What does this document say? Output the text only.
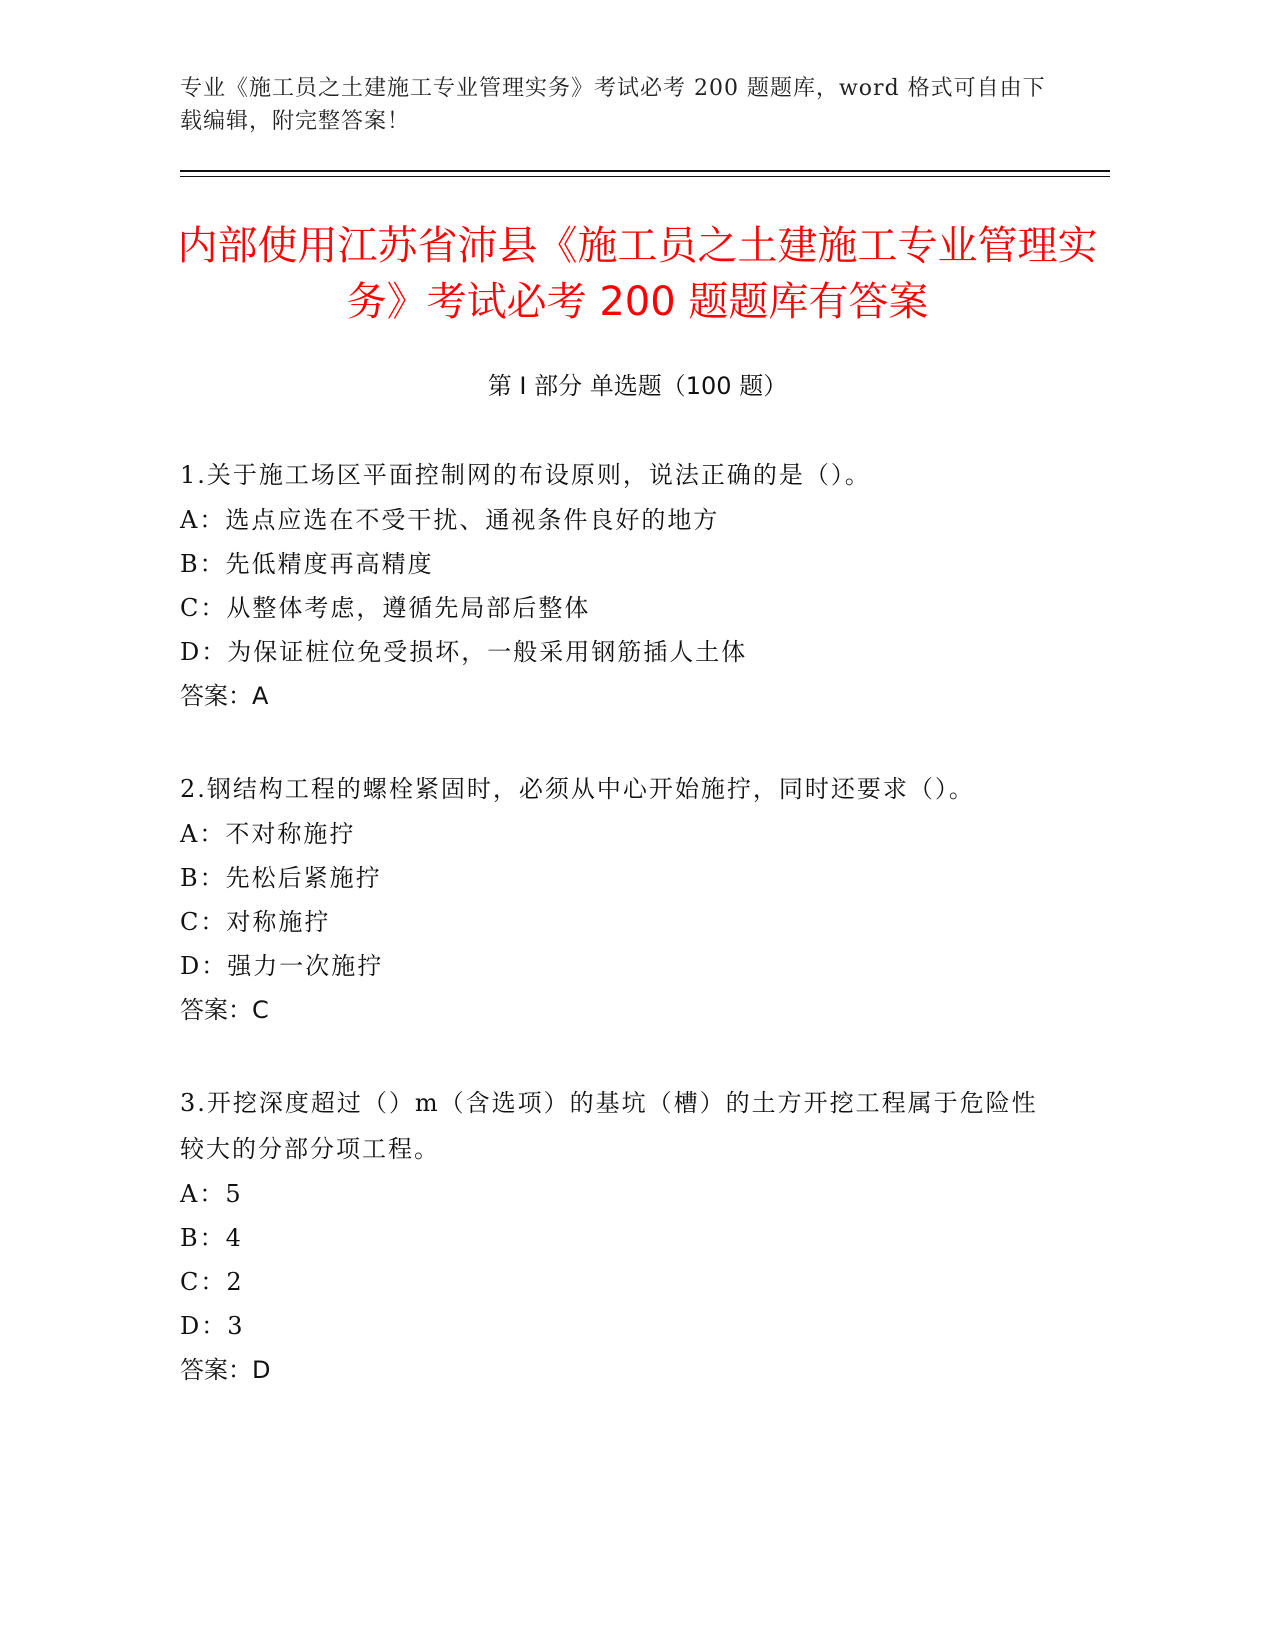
专业《施工员之土建施工专业管理实务》考试必考 200 题题库，word 格式可自由下载编辑，附完整答案！
内部使用江苏省沛县《施工员之土建施工专业管理实务》考试必考 200 题题库有答案
第 I 部分 单选题（100 题）

1.关于施工场区平面控制网的布设原则，说法正确的是（）。

A：选点应选在不受干扰、通视条件良好的地方

B：先低精度再高精度

C：从整体考虑，遵循先局部后整体

D：为保证桩位免受损坏，一般采用钢筋插人土体

答案：A

2.钢结构工程的螺栓紧固时，必须从中心开始施拧，同时还要求（）。

A：不对称施拧

B：先松后紧施拧

C：对称施拧

D：强力一次施拧

答案：C

3.开挖深度超过（）m（含选项）的基坑（槽）的土方开挖工程属于危险性较大的分部分项工程。

A：5

B：4

C：2

D：3

答案：D
